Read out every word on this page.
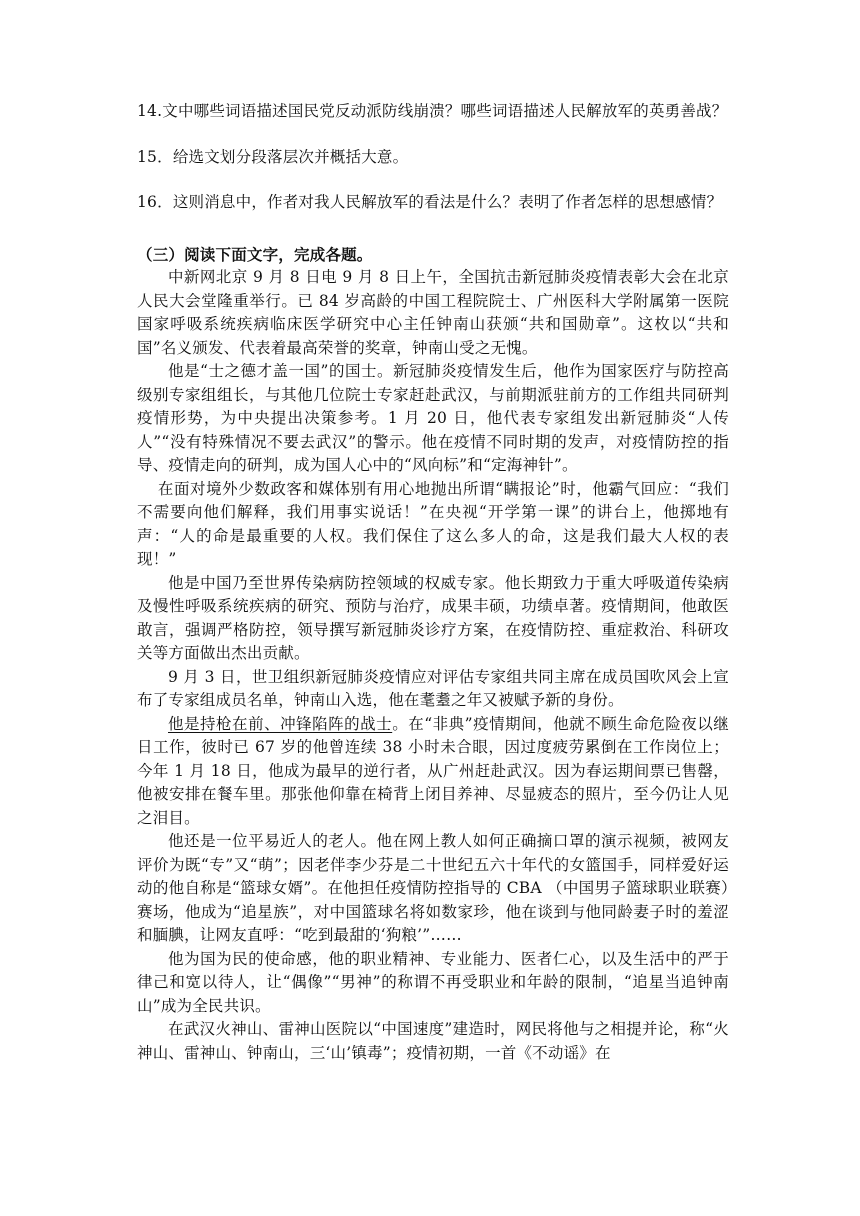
14.文中哪些词语描述国民党反动派防线崩溃？哪些词语描述人民解放军的英勇善战？

15．给选文划分段落层次并概括大意。

16．这则消息中，作者对我人民解放军的看法是什么？表明了作者怎样的思想感情？

（三）阅读下面文字，完成各题。

中新网北京 9 月 8 日电 9 月 8 日上午，全国抗击新冠肺炎疫情表彰大会在北京人民大会堂隆重举行。已 84 岁高龄的中国工程院院士、广州医科大学附属第一医院国家呼吸系统疾病临床医学研究中心主任钟南山获颁“共和国勋章”。这枚以“共和国”名义颁发、代表着最高荣誉的奖章，钟南山受之无愧。

他是“士之德才盖一国”的国士。新冠肺炎疫情发生后，他作为国家医疗与防控高级别专家组组长，与其他几位院士专家赶赴武汉，与前期派驻前方的工作组共同研判疫情形势，为中央提出决策参考。1 月 20 日，他代表专家组发出新冠肺炎“人传人”“没有特殊情况不要去武汉”的警示。他在疫情不同时期的发声，对疫情防控的指导、疫情走向的研判，成为国人心中的“风向标”和“定海神针”。

在面对境外少数政客和媒体别有用心地抛出所谓“瞒报论”时，他霸气回应：“我们不需要向他们解释，我们用事实说话！”在央视“开学第一课”的讲台上，他掷地有声：“人的命是最重要的人权。我们保住了这么多人的命，这是我们最大人权的表现！”

他是中国乃至世界传染病防控领域的权威专家。他长期致力于重大呼吸道传染病及慢性呼吸系统疾病的研究、预防与治疗，成果丰硕，功绩卓著。疫情期间，他敢医敢言，强调严格防控，领导撰写新冠肺炎诊疗方案，在疫情防控、重症救治、科研攻关等方面做出杰出贡献。

9 月 3 日，世卫组织新冠肺炎疫情应对评估专家组共同主席在成员国吹风会上宣布了专家组成员名单，钟南山入选，他在耄耋之年又被赋予新的身份。

他是持枪在前、冲锋陷阵的战士。在“非典”疫情期间，他就不顾生命危险夜以继日工作，彼时已 67 岁的他曾连续 38 小时未合眼，因过度疲劳累倒在工作岗位上；今年 1 月 18 日，他成为最早的逆行者，从广州赶赴武汉。因为春运期间票已售罄，他被安排在餐车里。那张他仰靠在椅背上闭目养神、尽显疲态的照片，至今仍让人见之泪目。

他还是一位平易近人的老人。他在网上教人如何正确摘口罩的演示视频，被网友评价为既“专”又“萌”；因老伴李少芬是二十世纪五六十年代的女篮国手，同样爱好运动的他自称是“篮球女婿”。在他担任疫情防控指导的 CBA （中国男子篮球职业联赛）赛场，他成为“追星族”，对中国篮球名将如数家珍，他在谈到与他同龄妻子时的羞涩和腼腆，让网友直呼：“吃到最甜的‘狗粮’”……

他为国为民的使命感，他的职业精神、专业能力、医者仁心，以及生活中的严于律己和宽以待人，让“偶像”“男神”的称谓不再受职业和年龄的限制，“追星当追钟南山”成为全民共识。

在武汉火神山、雷神山医院以“中国速度”建造时，网民将他与之相提并论，称“火神山、雷神山、钟南山，三‘山’镇毒”；疫情初期，一首《不动谣》在
